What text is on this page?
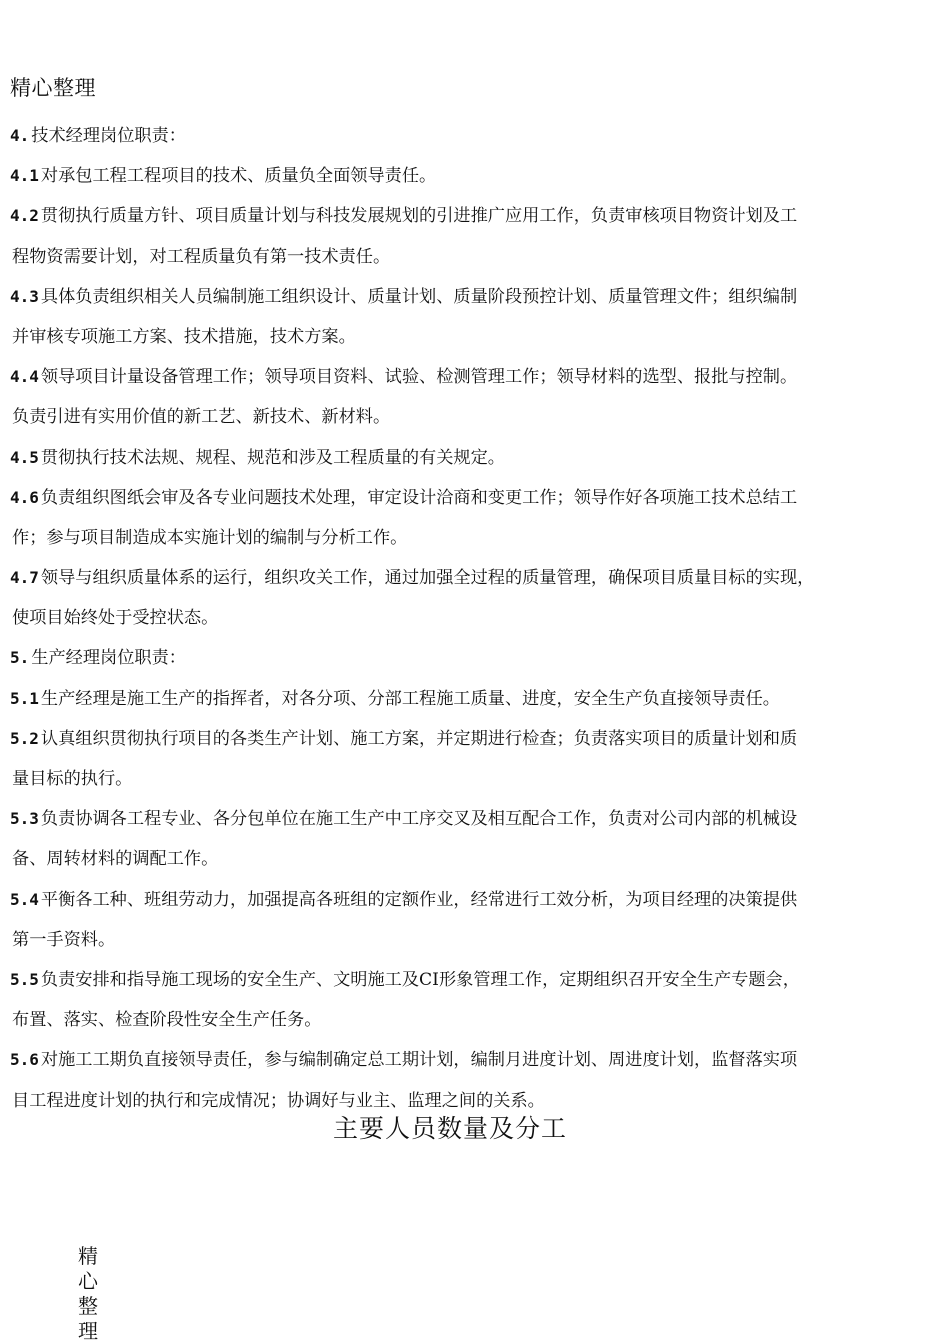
精心整理
4. 技术经理岗位职责：
4.1 对承包工程工程项目的技术、质量负全面领导责任。
4.2 贯彻执行质量方针、项目质量计划与科技发展规划的引进推广应用工作，负责审核项目物资计划及工
程物资需要计划，对工程质量负有第一技术责任。
4.3 具体负责组织相关人员编制施工组织设计、质量计划、质量阶段预控计划、质量管理文件；组织编制
并审核专项施工方案、技术措施，技术方案。
4.4 领导项目计量设备管理工作；领导项目资料、试验、检测管理工作；领导材料的选型、报批与控制。
负责引进有实用价值的新工艺、新技术、新材料。
4.5 贯彻执行技术法规、规程、规范和涉及工程质量的有关规定。
4.6 负责组织图纸会审及各专业问题技术处理，审定设计洽商和变更工作；领导作好各项施工技术总结工
作；参与项目制造成本实施计划的编制与分析工作。
4.7 领导与组织质量体系的运行，组织攻关工作，通过加强全过程的质量管理，确保项目质量目标的实现，
使项目始终处于受控状态。
5. 生产经理岗位职责：
5.1 生产经理是施工生产的指挥者，对各分项、分部工程施工质量、进度，安全生产负直接领导责任。
5.2 认真组织贯彻执行项目的各类生产计划、施工方案，并定期进行检查；负责落实项目的质量计划和质
量目标的执行。
5.3 负责协调各工程专业、各分包单位在施工生产中工序交叉及相互配合工作，负责对公司内部的机械设
备、周转材料的调配工作。
5.4 平衡各工种、班组劳动力，加强提高各班组的定额作业，经常进行工效分析，为项目经理的决策提供
第一手资料。
5.5 负责安排和指导施工现场的安全生产、文明施工及CI形象管理工作，定期组织召开安全生产专题会，
布置、落实、检查阶段性安全生产任务。
5.6 对施工工期负直接领导责任，参与编制确定总工期计划，编制月进度计划、周进度计划，监督落实项
目工程进度计划的执行和完成情况；协调好与业主、监理之间的关系。
主要人员数量及分工
精
心
整
理
